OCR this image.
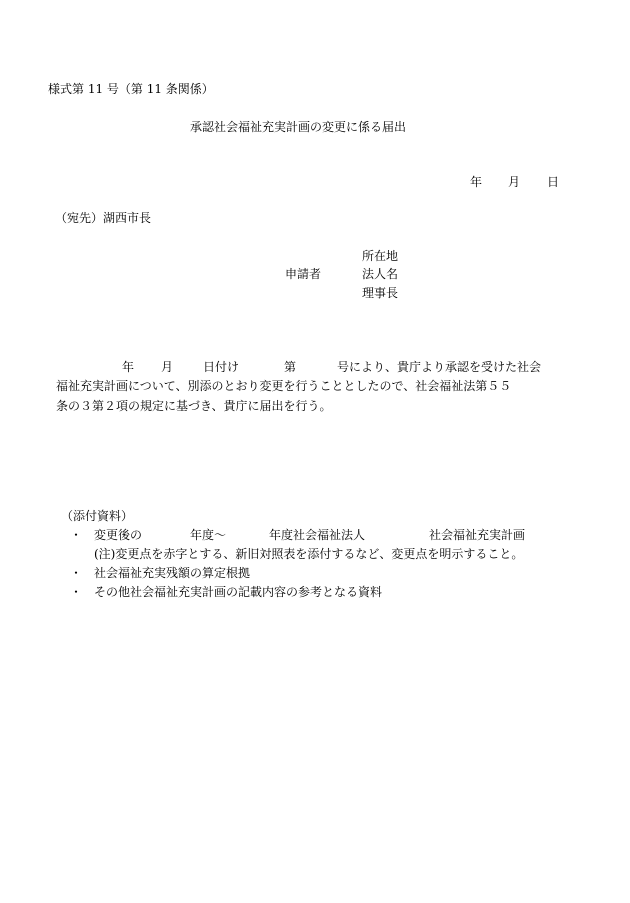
様式第 11 号（第 11 条関係）
承認社会福祉充実計画の変更に係る届出
年 月 日
（宛先）湖西市長
所在地
申請者	法人名
理事長
年 月 日付け	第	号により、貴庁より承認を受けた社会
福祉充実計画について、別添のとおり変更を行うこととしたので、社会福祉法第５５
条の３第２項の規定に基づき、貴庁に届出を行う。
（添付資料）
・ 変更後の	年度～	年度社会福祉法人	社会福祉充実計画
(注)変更点を赤字とする、新旧対照表を添付するなど、変更点を明示すること。
・ 社会福祉充実残額の算定根拠
・ その他社会福祉充実計画の記載内容の参考となる資料
